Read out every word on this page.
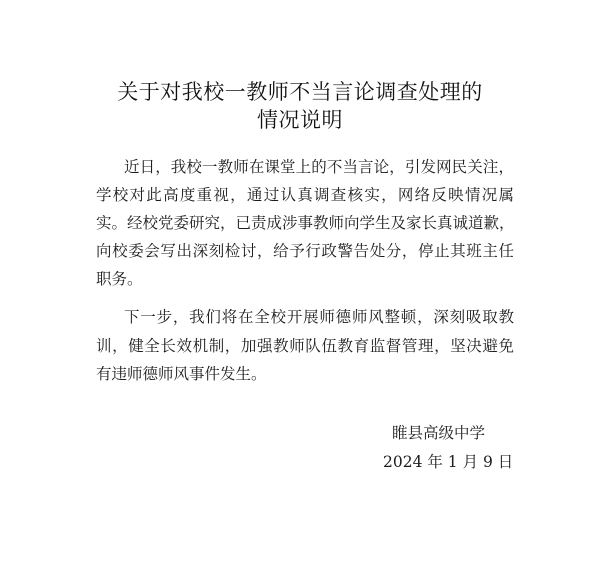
关于对我校一教师不当言论调查处理的
情况说明
近日，我校一教师在课堂上的不当言论，引发网民关注，
学校对此高度重视，通过认真调查核实，网络反映情况属
实。经校党委研究，已责成涉事教师向学生及家长真诚道歉，
向校委会写出深刻检讨，给予行政警告处分，停止其班主任
职务。
下一步，我们将在全校开展师德师风整顿，深刻吸取教
训，健全长效机制，加强教师队伍教育监督管理，坚决避免
有违师德师风事件发生。
睢县高级中学
2024 年 1 月 9 日
